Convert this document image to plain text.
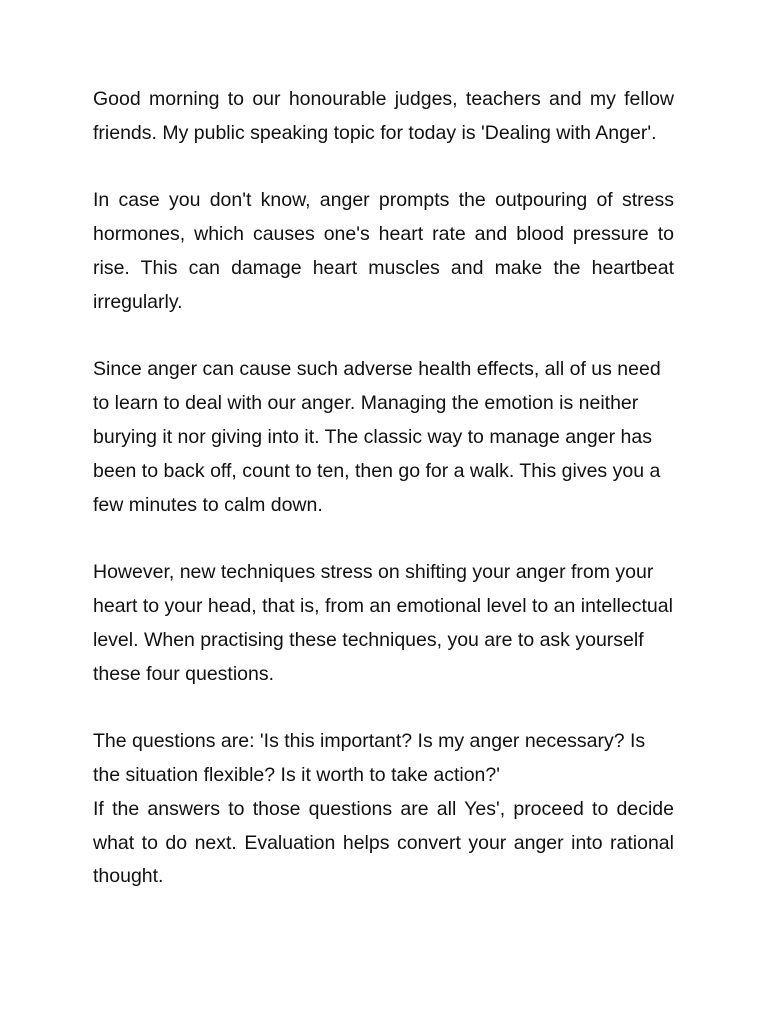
Good morning to our honourable judges, teachers and my fellow friends. My public speaking topic for today is 'Dealing with Anger'.

In case you don't know, anger prompts the outpouring of stress hormones, which causes one's heart rate and blood pressure to rise. This can damage heart muscles and make the heartbeat irregularly.

Since anger can cause such adverse health effects, all of us need to learn to deal with our anger. Managing the emotion is neither burying it nor giving into it. The classic way to manage anger has been to back off, count to ten, then go for a walk. This gives you a few minutes to calm down.

However, new techniques stress on shifting your anger from your heart to your head, that is, from an emotional level to an intellectual level. When practising these techniques, you are to ask yourself these four questions.

The questions are: 'Is this important? Is my anger necessary? Is the situation flexible? Is it worth to take action?'

If the answers to those questions are all Yes', proceed to decide what to do next. Evaluation helps convert your anger into rational thought.
